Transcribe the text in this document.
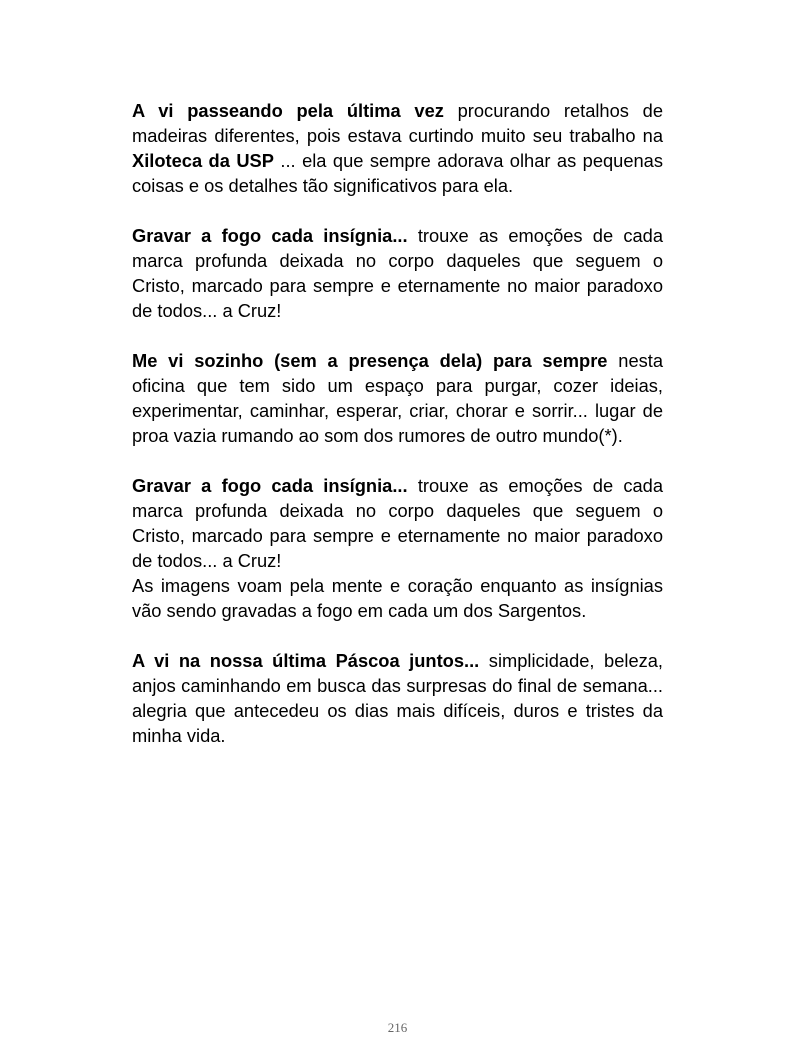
A vi passeando pela última vez procurando retalhos de madeiras diferentes, pois estava curtindo muito seu trabalho na Xiloteca da USP ... ela que sempre adorava olhar as pequenas coisas e os detalhes tão significativos para ela.

Gravar a fogo cada insígnia... trouxe as emoções de cada marca profunda deixada no corpo daqueles que seguem o Cristo, marcado para sempre e eternamente no maior paradoxo de todos... a Cruz!

Me vi sozinho (sem a presença dela) para sempre nesta oficina que tem sido um espaço para purgar, cozer ideias, experimentar, caminhar, esperar, criar, chorar e sorrir... lugar de proa vazia rumando ao som dos rumores de outro mundo(*).

Gravar a fogo cada insígnia... trouxe as emoções de cada marca profunda deixada no corpo daqueles que seguem o Cristo, marcado para sempre e eternamente no maior paradoxo de todos... a Cruz!

As imagens voam pela mente e coração enquanto as insígnias vão sendo gravadas a fogo em cada um dos Sargentos.

A vi na nossa última Páscoa juntos... simplicidade, beleza, anjos caminhando em busca das surpresas do final de semana... alegria que antecedeu os dias mais difíceis, duros e tristes da minha vida.

216
